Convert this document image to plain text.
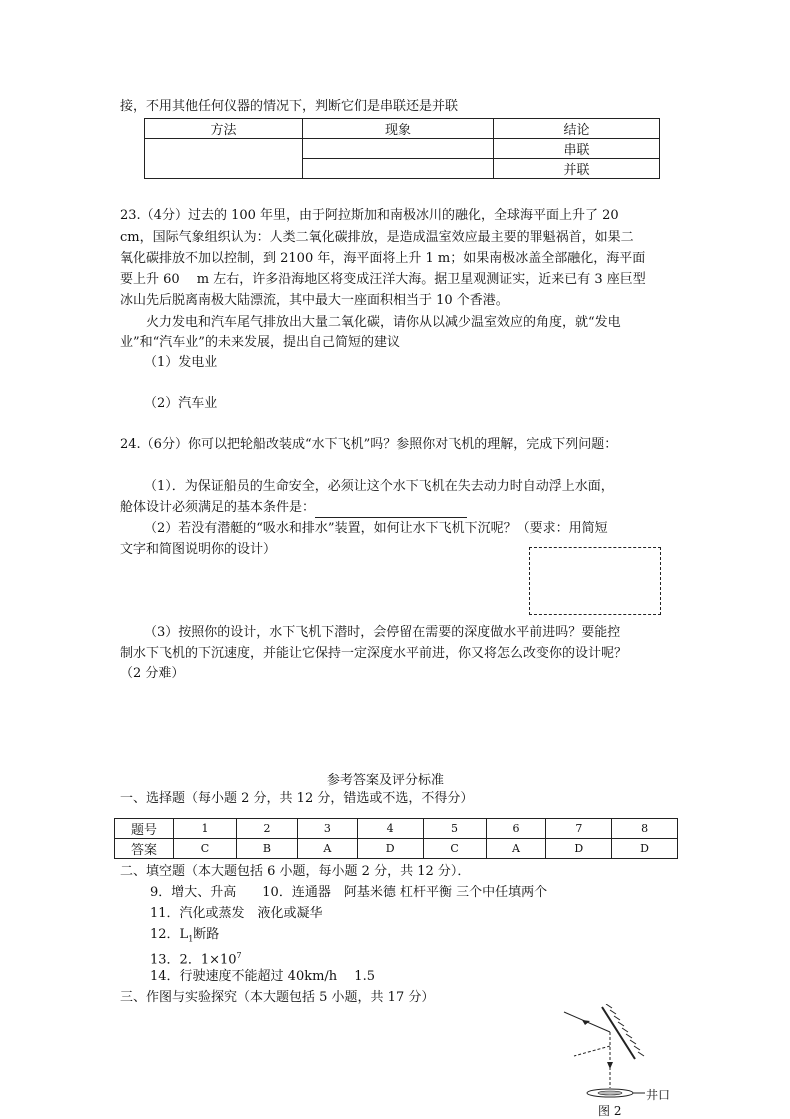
接，不用其他任何仪器的情况下，判断它们是串联还是并联
方法	现象	结论
		串联
		并联
23.（4分）过去的 100 年里，由于阿拉斯加和南极冰川的融化，全球海平面上升了 20
cm，国际气象组织认为：人类二氧化碳排放，是造成温室效应最主要的罪魁祸首，如果二
氧化碳排放不加以控制，到 2100 年，海平面将上升 1 m；如果南极冰盖全部融化，海平面
要上升 60　 m 左右，许多沿海地区将变成汪洋大海。据卫星观测证实，近来已有 3 座巨型
冰山先后脱离南极大陆漂流，其中最大一座面积相当于 10 个香港。
　　火力发电和汽车尾气排放出大量二氧化碳，请你从以减少温室效应的角度，就“发电
业”和“汽车业”的未来发展，提出自己简短的建议
（1）发电业
（2）汽车业
24.（6分）你可以把轮船改装成“水下飞机”吗？参照你对飞机的理解，完成下列问题：
（1）．为保证船员的生命安全，必须让这个水下飞机在失去动力时自动浮上水面，
舱体设计必须满足的基本条件是：
（2）若没有潜艇的“吸水和排水”装置，如何让水下飞机下沉呢？（要求：用简短
文字和简图说明你的设计）
（3）按照你的设计，水下飞机下潜时，会停留在需要的深度做水平前进吗？要能控
制水下飞机的下沉速度，并能让它保持一定深度水平前进，你又将怎么改变你的设计呢？
（2 分难）
参考答案及评分标准
一、选择题（每小题 2 分，共 12 分，错选或不选，不得分）
题号	1	2	3	4	5	6	7	8
答案	C	B	A	D	C	A	D	D
二、填空题（本大题包括 6 小题，每小题 2 分，共 12 分）．
9．增大、升高　　10．连通器　阿基米德 杠杆平衡 三个中任填两个
11．汽化或蒸发　液化或凝华
12．$L_1$断路
13．2．$1\times 10^7$
14．行驶速度不能超过 40km/h　 1.5
三、作图与实验探究（本大题包括 5 小题，共 17 分）
井口
图 2
